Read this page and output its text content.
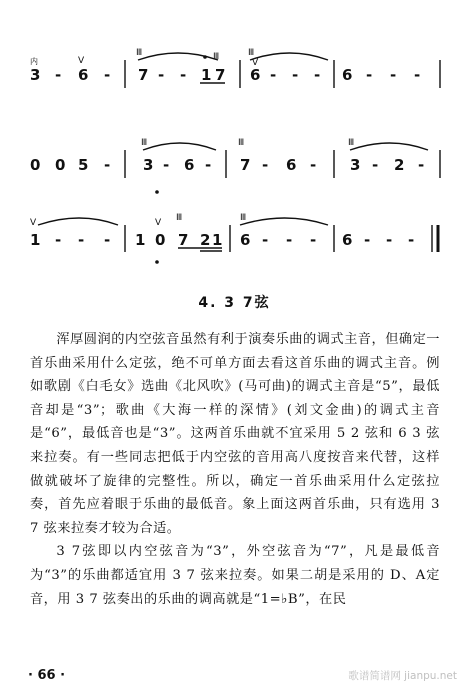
3 - 6 - 7 - - 1 7 6 - - - 6 - - -
内	V
Ⅲ	Ⅲ	Ⅲ
V
0 0 5 - 3 - 6 - 7 - 6 - 3 - 2 -
Ⅲ	Ⅲ	Ⅲ
1 - - - 1 0 7 2 1 6 - - - 6 - - -
V	V Ⅲ	Ⅲ
4. 3 7弦

浑厚圆润的内空弦音虽然有利于演奏乐曲的调式主音，但确定一首乐曲采用什么定弦，绝不可单方面去看这首乐曲的调式主音。例如歌剧《白毛女》选曲《北风吹》(马可曲)的调式主音是“5”，最低音却是“3”；歌曲《大海一样的深情》(刘文金曲)的调式主音是“6”，最低音也是“3”。这两首乐曲就不宜采用 5 2 弦和 6 3 弦来拉奏。有一些同志把低于内空弦的音用高八度按音来代替，这样做就破坏了旋律的完整性。所以，确定一首乐曲采用什么定弦拉奏，首先应着眼于乐曲的最低音。象上面这两首乐曲，只有选用 3 7 弦来拉奏才较为合适。

3 7弦即以内空弦音为“3”，外空弦音为“7”，凡是最低音为“3”的乐曲都适宜用 3 7 弦来拉奏。如果二胡是采用的 D、A定音，用 3 7 弦奏出的乐曲的调高就是“1=♭B”，在民

· 66 ·	歌谱简谱网 jianpu.net
